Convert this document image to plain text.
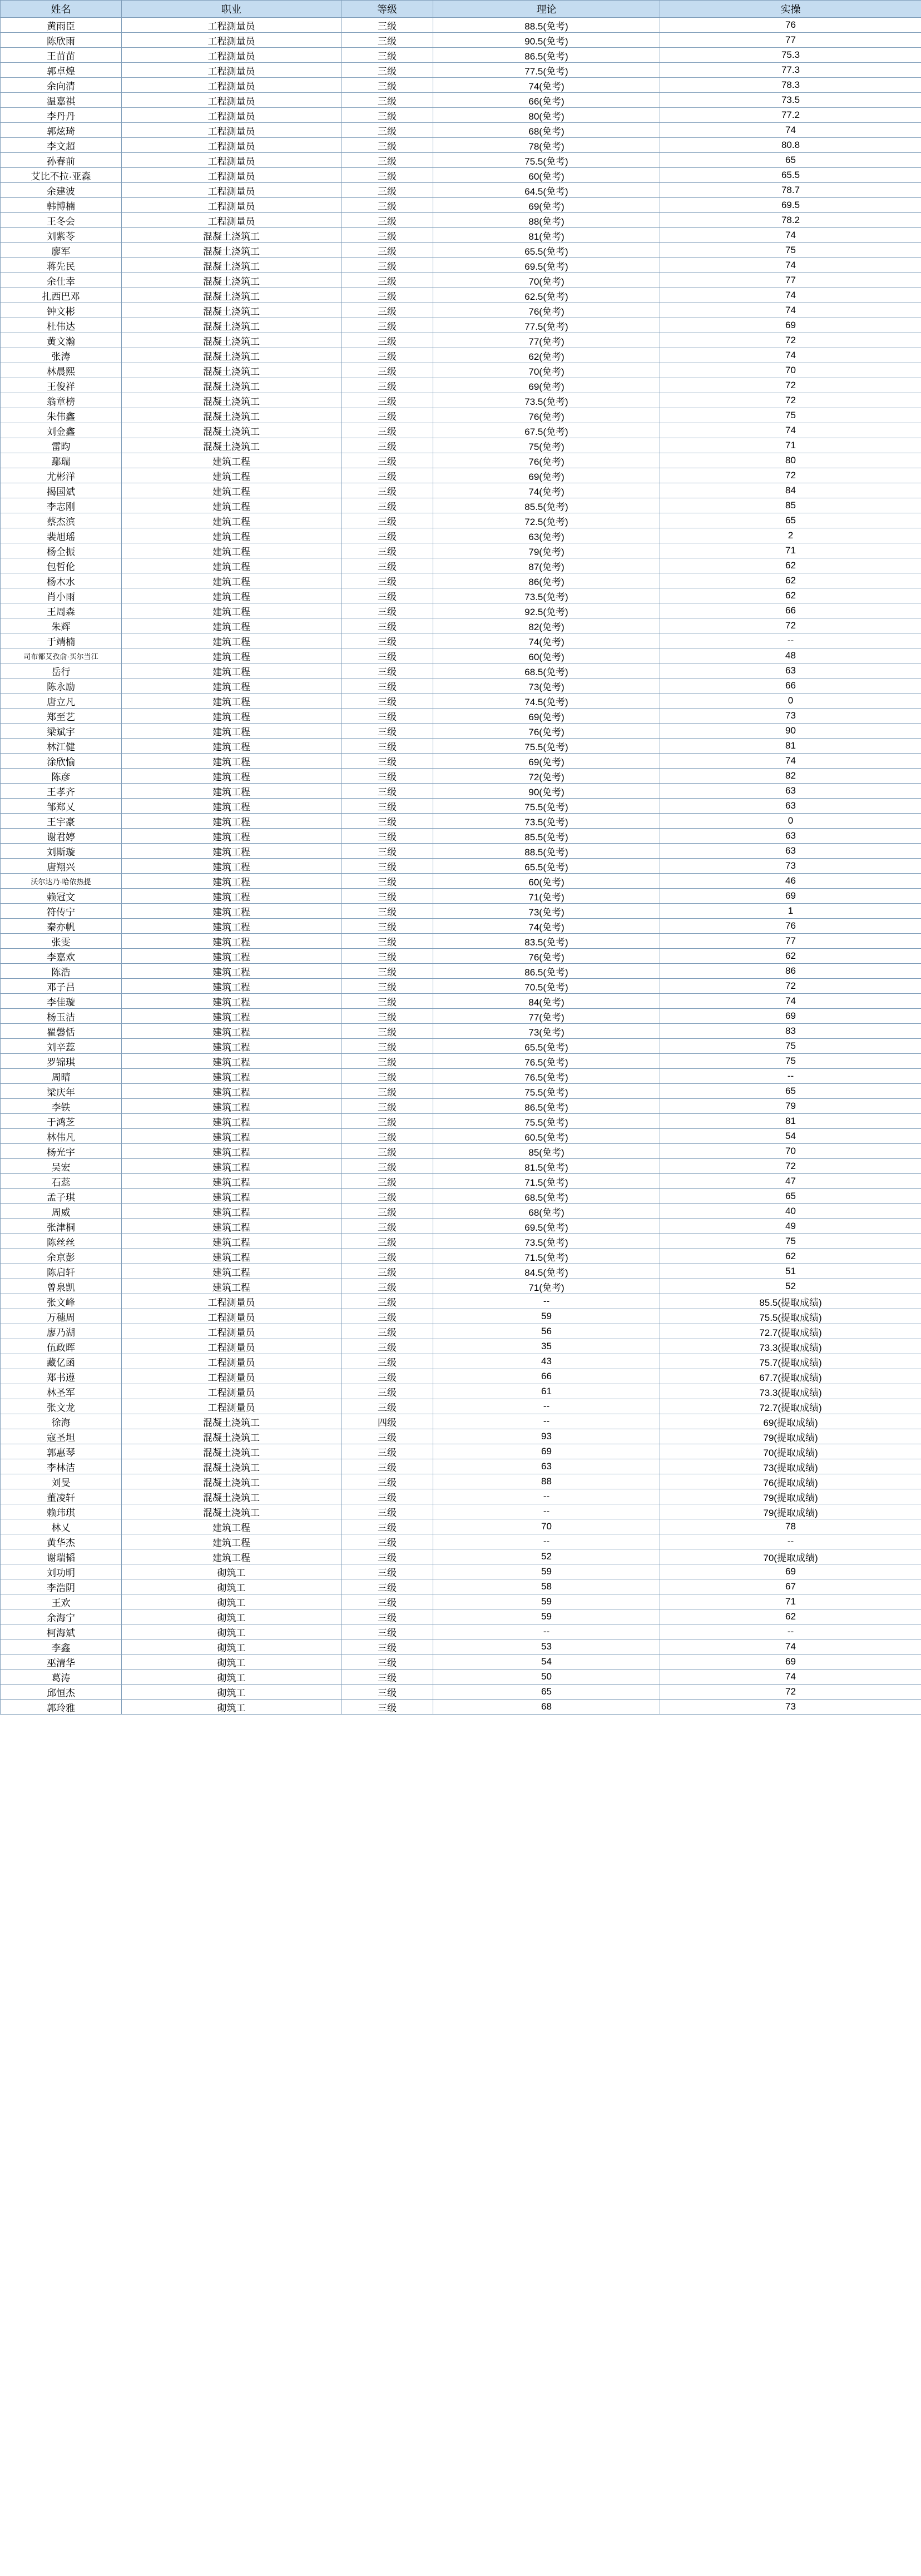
姓名	职业	等级	理论	实操
黄雨臣	工程测量员	三级	88.5(免考)	76
陈欣雨	工程测量员	三级	90.5(免考)	77
王苗苗	工程测量员	三级	86.5(免考)	75.3
郭卓煌	工程测量员	三级	77.5(免考)	77.3
余向清	工程测量员	三级	74(免考)	78.3
温嘉祺	工程测量员	三级	66(免考)	73.5
李丹丹	工程测量员	三级	80(免考)	77.2
郭炫琦	工程测量员	三级	68(免考)	74
李文超	工程测量员	三级	78(免考)	80.8
孙春前	工程测量员	三级	75.5(免考)	65
艾比不拉·亚森	工程测量员	三级	60(免考)	65.5
余建波	工程测量员	三级	64.5(免考)	78.7
韩博楠	工程测量员	三级	69(免考)	69.5
王冬会	工程测量员	三级	88(免考)	78.2
刘紫苓	混凝土浇筑工	三级	81(免考)	74
廖军	混凝土浇筑工	三级	65.5(免考)	75
蒋先民	混凝土浇筑工	三级	69.5(免考)	74
余仕幸	混凝土浇筑工	三级	70(免考)	77
扎西巴邓	混凝土浇筑工	三级	62.5(免考)	74
钟文彬	混凝土浇筑工	三级	76(免考)	74
杜伟达	混凝土浇筑工	三级	77.5(免考)	69
黄文瀚	混凝土浇筑工	三级	77(免考)	72
张涛	混凝土浇筑工	三级	62(免考)	74
林晨熙	混凝土浇筑工	三级	70(免考)	70
王俊祥	混凝土浇筑工	三级	69(免考)	72
翁章榜	混凝土浇筑工	三级	73.5(免考)	72
朱伟鑫	混凝土浇筑工	三级	76(免考)	75
刘金鑫	混凝土浇筑工	三级	67.5(免考)	74
雷昀	混凝土浇筑工	三级	75(免考)	71
鄢瑞	建筑工程	三级	76(免考)	80
尤彬洋	建筑工程	三级	69(免考)	72
揭国斌	建筑工程	三级	74(免考)	84
李志刚	建筑工程	三级	85.5(免考)	85
蔡杰滨	建筑工程	三级	72.5(免考)	65
裴旭瑶	建筑工程	三级	63(免考)	2
杨全振	建筑工程	三级	79(免考)	71
包哲伦	建筑工程	三级	87(免考)	62
杨木水	建筑工程	三级	86(免考)	62
肖小雨	建筑工程	三级	73.5(免考)	62
王周森	建筑工程	三级	92.5(免考)	66
朱辉	建筑工程	三级	82(免考)	72
于靖楠	建筑工程	三级	74(免考)	--
司布都艾孜俞·买尔当江	建筑工程	三级	60(免考)	48
岳行	建筑工程	三级	68.5(免考)	63
陈永励	建筑工程	三级	73(免考)	66
唐立凡	建筑工程	三级	74.5(免考)	0
郑至艺	建筑工程	三级	69(免考)	73
梁斌宇	建筑工程	三级	76(免考)	90
林江健	建筑工程	三级	75.5(免考)	81
涂欣愉	建筑工程	三级	69(免考)	74
陈彦	建筑工程	三级	72(免考)	82
王孝齐	建筑工程	三级	90(免考)	63
邹郑乂	建筑工程	三级	75.5(免考)	63
王宇豪	建筑工程	三级	73.5(免考)	0
谢君婷	建筑工程	三级	85.5(免考)	63
刘斯璇	建筑工程	三级	88.5(免考)	63
唐翔兴	建筑工程	三级	65.5(免考)	73
沃尔达乃·哈依热提	建筑工程	三级	60(免考)	46
赖冠文	建筑工程	三级	71(免考)	69
符传宁	建筑工程	三级	73(免考)	1
秦亦帆	建筑工程	三级	74(免考)	76
张雯	建筑工程	三级	83.5(免考)	77
李嘉欢	建筑工程	三级	76(免考)	62
陈浩	建筑工程	三级	86.5(免考)	86
邓子吕	建筑工程	三级	70.5(免考)	72
李佳璇	建筑工程	三级	84(免考)	74
杨玉洁	建筑工程	三级	77(免考)	69
瞿馨恬	建筑工程	三级	73(免考)	83
刘辛蕊	建筑工程	三级	65.5(免考)	75
罗锦琪	建筑工程	三级	76.5(免考)	75
周晴	建筑工程	三级	76.5(免考)	--
梁庆年	建筑工程	三级	75.5(免考)	65
李铁	建筑工程	三级	86.5(免考)	79
于鸿芝	建筑工程	三级	75.5(免考)	81
林伟凡	建筑工程	三级	60.5(免考)	54
杨光宇	建筑工程	三级	85(免考)	70
吴宏	建筑工程	三级	81.5(免考)	72
石蕊	建筑工程	三级	71.5(免考)	47
孟子琪	建筑工程	三级	68.5(免考)	65
周威	建筑工程	三级	68(免考)	40
张津桐	建筑工程	三级	69.5(免考)	49
陈丝丝	建筑工程	三级	73.5(免考)	75
余京彭	建筑工程	三级	71.5(免考)	62
陈启轩	建筑工程	三级	84.5(免考)	51
曾泉凯	建筑工程	三级	71(免考)	52
张文峰	工程测量员	三级	--	85.5(提取成绩)
万穗周	工程测量员	三级	59	75.5(提取成绩)
廖乃湖	工程测量员	三级	56	72.7(提取成绩)
伍政晖	工程测量员	三级	35	73.3(提取成绩)
藏亿函	工程测量员	三级	43	75.7(提取成绩)
郑书遵	工程测量员	三级	66	67.7(提取成绩)
林圣军	工程测量员	三级	61	73.3(提取成绩)
张文龙	工程测量员	三级	--	72.7(提取成绩)
徐海	混凝土浇筑工	四级	--	69(提取成绩)
寇圣坦	混凝土浇筑工	三级	93	79(提取成绩)
郭惠琴	混凝土浇筑工	三级	69	70(提取成绩)
李林洁	混凝土浇筑工	三级	63	73(提取成绩)
刘旻	混凝土浇筑工	三级	88	76(提取成绩)
董凌轩	混凝土浇筑工	三级	--	79(提取成绩)
赖玮琪	混凝土浇筑工	三级	--	79(提取成绩)
林乂	建筑工程	三级	70	78
黄华杰	建筑工程	三级	--	--
谢瑞韬	建筑工程	三级	52	70(提取成绩)
刘功明	砌筑工	三级	59	69
李浩阴	砌筑工	三级	58	67
王欢	砌筑工	三级	59	71
余海宁	砌筑工	三级	59	62
柯海斌	砌筑工	三级	--	--
李鑫	砌筑工	三级	53	74
巫清华	砌筑工	三级	54	69
葛涛	砌筑工	三级	50	74
邱恒杰	砌筑工	三级	65	72
郭玲雅	砌筑工	三级	68	73
